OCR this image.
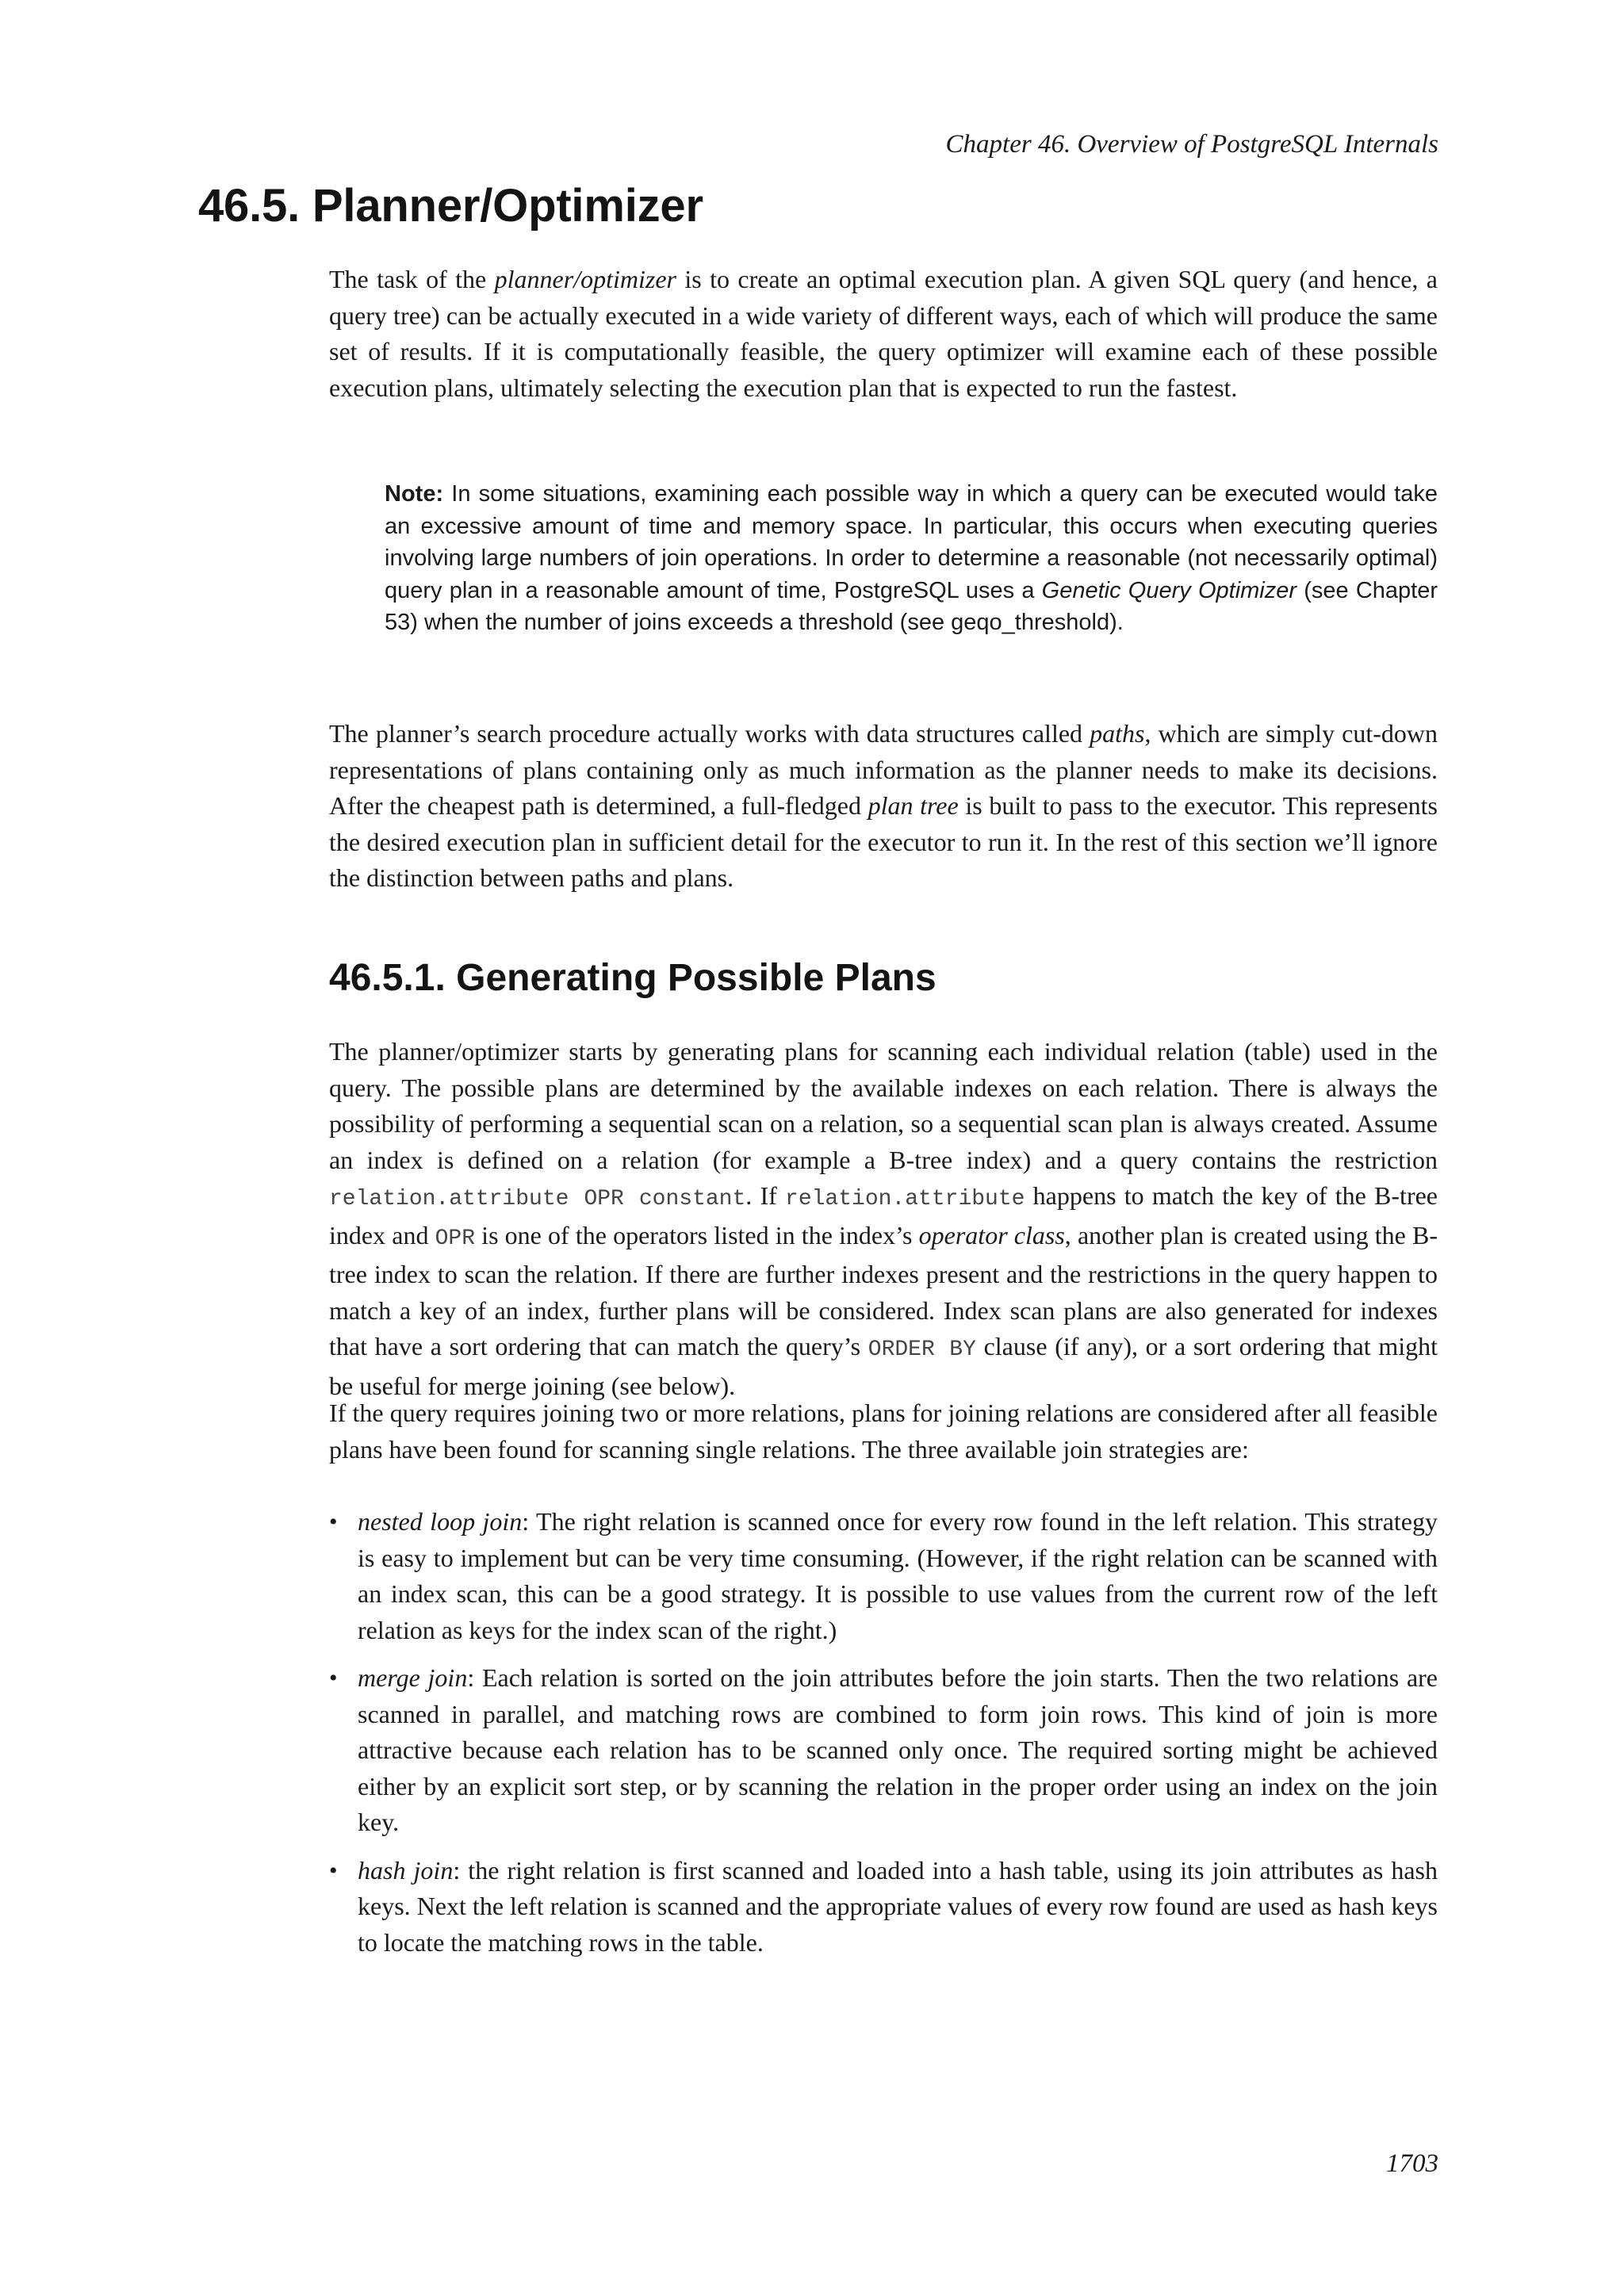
Chapter 46. Overview of PostgreSQL Internals
46.5. Planner/Optimizer

The task of the planner/optimizer is to create an optimal execution plan. A given SQL query (and hence, a query tree) can be actually executed in a wide variety of different ways, each of which will produce the same set of results. If it is computationally feasible, the query optimizer will examine each of these possible execution plans, ultimately selecting the execution plan that is expected to run the fastest.

Note: In some situations, examining each possible way in which a query can be executed would take an excessive amount of time and memory space. In particular, this occurs when executing queries involving large numbers of join operations. In order to determine a reasonable (not necessarily optimal) query plan in a reasonable amount of time, PostgreSQL uses a Genetic Query Optimizer (see Chapter 53) when the number of joins exceeds a threshold (see geqo_threshold).

The planner’s search procedure actually works with data structures called paths, which are simply cut-down representations of plans containing only as much information as the planner needs to make its decisions. After the cheapest path is determined, a full-fledged plan tree is built to pass to the executor. This represents the desired execution plan in sufficient detail for the executor to run it. In the rest of this section we’ll ignore the distinction between paths and plans.

46.5.1. Generating Possible Plans

The planner/optimizer starts by generating plans for scanning each individual relation (table) used in the query. The possible plans are determined by the available indexes on each relation. There is always the possibility of performing a sequential scan on a relation, so a sequential scan plan is always created. Assume an index is defined on a relation (for example a B-tree index) and a query contains the restriction relation.attribute OPR constant. If relation.attribute happens to match the key of the B-tree index and OPR is one of the operators listed in the index’s operator class, another plan is created using the B-tree index to scan the relation. If there are further indexes present and the restrictions in the query happen to match a key of an index, further plans will be considered. Index scan plans are also generated for indexes that have a sort ordering that can match the query’s ORDER BY clause (if any), or a sort ordering that might be useful for merge joining (see below).

If the query requires joining two or more relations, plans for joining relations are considered after all feasible plans have been found for scanning single relations. The three available join strategies are:

• nested loop join: The right relation is scanned once for every row found in the left relation. This strategy is easy to implement but can be very time consuming. (However, if the right relation can be scanned with an index scan, this can be a good strategy. It is possible to use values from the current row of the left relation as keys for the index scan of the right.)
• merge join: Each relation is sorted on the join attributes before the join starts. Then the two relations are scanned in parallel, and matching rows are combined to form join rows. This kind of join is more attractive because each relation has to be scanned only once. The required sorting might be achieved either by an explicit sort step, or by scanning the relation in the proper order using an index on the join key.
• hash join: the right relation is first scanned and loaded into a hash table, using its join attributes as hash keys. Next the left relation is scanned and the appropriate values of every row found are used as hash keys to locate the matching rows in the table.
1703
